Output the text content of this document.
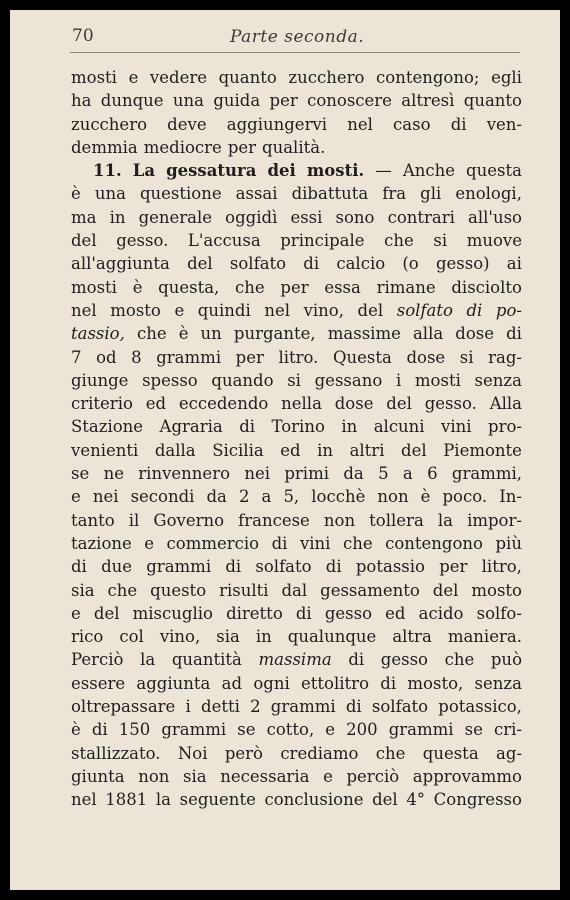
70	Parte seconda.
mosti e vedere quanto zucchero contengono; egli
ha dunque una guida per conoscere altresì quanto
zucchero deve aggiungervi nel caso di ven-
demmia mediocre per qualità.
11. La gessatura dei mosti. — Anche questa
è una questione assai dibattuta fra gli enologi,
ma in generale oggidì essi sono contrari all'uso
del gesso. L'accusa principale che si muove
all'aggiunta del solfato di calcio (o gesso) ai
mosti è questa, che per essa rimane disciolto
nel mosto e quindi nel vino, del solfato di po-
tassio, che è un purgante, massime alla dose di
7 od 8 grammi per litro. Questa dose si rag-
giunge spesso quando si gessano i mosti senza
criterio ed eccedendo nella dose del gesso. Alla
Stazione Agraria di Torino in alcuni vini pro-
venienti dalla Sicilia ed in altri del Piemonte
se ne rinvennero nei primi da 5 a 6 grammi,
e nei secondi da 2 a 5, locchè non è poco. In-
tanto il Governo francese non tollera la impor-
tazione e commercio di vini che contengono più
di due grammi di solfato di potassio per litro,
sia che questo risulti dal gessamento del mosto
e del miscuglio diretto di gesso ed acido solfo-
rico col vino, sia in qualunque altra maniera.
Perciò la quantità massima di gesso che può
essere aggiunta ad ogni ettolitro di mosto, senza
oltrepassare i detti 2 grammi di solfato potassico,
è di 150 grammi se cotto, e 200 grammi se cri-
stallizzato. Noi però crediamo che questa ag-
giunta non sia necessaria e perciò approvammo
nel 1881 la seguente conclusione del 4° Congresso
